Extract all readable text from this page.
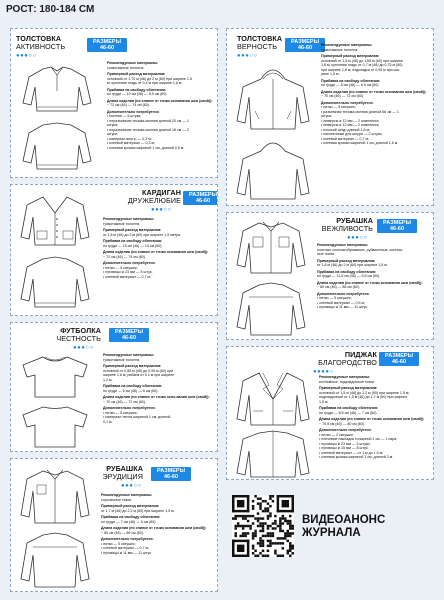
РОСТ: 180-184 СМ
ТОЛСТОВКА
АКТИВНОСТЬ
●●●○○
РАЗМЕРЫ 46-60
Рекомендуемые материалы:
трикотажные полотна.
Примерный расход материалов:
основной от 1,70 м (46) до 2 м (60) при ширине 1,5
м; купонная гладь от 0,4 м при ширине 1,8 м.
Прибавка на свободу облегания:
по груди — 10 см (46) — 8,5 см (60).
Длина изделия (по спинке от точки основания шеи (свой)):
~ 72 см (46) — 74 см (60).
Дополнительно потребуется:
• молнии — 5 штуки;
• неразъемная тесьма-молния длиной 20 см — 1
штука;
• неразъемная тесьма-молния длиной 16 см — 2
штуки;
• материал внутр. — 0,3 м;
• клеевой материал — 0,3 м;
• клеевая кромка шириной 1 см, длиной 0,8 м.
ТОЛСТОВКА
ВЕРНОСТЬ
●●●○○
РАЗМЕРЫ 46-60	Рекомендуемые материалы:
трикотажные полотна.
Примерный расход материалов:
основной от 1,5 м (46) до 1,65 м (60) при ширине
1,8 м; купонная гладь от 0,7 м (46) до 0,75 м (60)
при ширине 1,8 м; подкладка от 0,55 м при ши-
рине 1,5 м.
Прибавка на свободу облегания:
по груди — 8 см (46) — 6,5 см (60).
Длина изделия (по спинке от точки основания шеи (свой)):
~ 70 см (46) — 72 см (60).
Дополнительно потребуется:
• нитки — 5 катушек;
• разъемная тесьма-молния длиной 66 см — 1
штука;
• люверсы ø 12 мм — 2 комплекта;
• люверсы ø 12 мм — 2 комплекта;
• плоский шнур длиной 1,6 м;
• наконечники для шнура — 2 штуки;
• клеевой материал — 0,7 м;
• клеевая кромка шириной 1 см, длиной 1,6 м.
КАРДИГАН
ДРУЖЕЛЮБИЕ
●●●○○
РАЗМЕРЫ 46-60
Рекомендуемые материалы:
трикотажные полотна.
Примерный расход материалов:
от 1,8 м (46) до 2 м (60) при ширине 1,5 метра.
Прибавка на свободу облегания:
по груди — 15 см (46) — 13 см (60).
Длина изделия (по спинке от точки основания шеи (свой)):
~ 72 см (46) — 74 см (60).
Дополнительно потребуется:
• нитки — 5 катушек;
• пуговицы ø 23 мм — 5 штук;
• клеевой материал — 0,7 м.
РУБАШКА
ВЕЖЛИВОСТЬ
●●●○○
РАЗМЕРЫ 46-60
Рекомендуемые материалы:
плотные хлопчатобумажные, рубашечные, костюм-
ные ткани.
Примерный расход материалов:
от 1,6 м (46) до 2 м (60) при ширине 1,5 м.
Прибавка на свободу облегания:
по груди — 11,5 см (46) — 9,5 см (60).
Длина изделия (по спинке от точки основания шеи (свой)):
~ 80 см (46) — 88 см (60).
Дополнительно потребуется:
• нитки — 5 катушек;
• клеевой материал — 0,5 м;
• пуговицы ø 11 мм — 11 штук.
ФУТБОЛКА
ЧЕСТНОСТЬ
●●●○○
РАЗМЕРЫ 46-60
Рекомендуемые материалы:
трикотажные полотна.
Примерный расход материалов:
основной от 0,85 м (46) до 0,95 м (60) при
ширине 1,8 м; рибана от 0,1 м при ширине
1,2 м.
Прибавка на свободу облегания:
по груди — 6 см (46) — 5 см (60).
Длина изделия (по спинке от точки осно-вания шеи (свой)):
~ 70 см (46) — 72 см (60).
Дополнительно потребуется:
• нитки — 5 катушек;
• материал лента шириной 1 см, длиной
0,1 м.
ПИДЖАК
БЛАГОРОДСТВО
●●●●○
РАЗМЕРЫ 46-60
Рекомендуемые материалы:
костюмные, подкладочные ткани.
Примерный расход материалов:
основной от 1,5 м (46) до 2,2 м (60) при ширине 1,5 м;
подкладочный от 1,5 м (46) до 1,7 м (60) при ширине
1,5 м.
Прибавка на свободу облегания:
по груди — 8,5 см (46) — 7 см (60).
Длина изделия (по спинке от точки основания шеи (свой)):
~ 75,5 см (46) — 80 см (60).
Дополнительно потребуется:
• нитки — 2 катушки;
• плечевые накладки толщиной 1 см — 1 пара;
• пуговицы ø 23 мм — 3 штуки;
• пуговицы ø 15 мм — 8 штук;
• клеевой материал — от 1 м до 1,5 м;
• клеевая кромка шириной 1 см, длиной 3 м.
РУБАШКА
ЭРУДИЦИЯ
●●●○○
РАЗМЕРЫ 46-60
Рекомендуемые материалы:
сорочечные ткани.
Примерный расход материалов:
от 1,7 м (46) до 2,2 м (60) при ширине 1,5 м.
Прибавка на свободу облегания:
по груди — 7 см (46) — 5 см (60).
Длина изделия (по спинке от точки основания шеи (свой)):
~ 80 см (46) — 86 см (60).
Дополнительно потребуется:
• нитки — 5 катушек;
• клеевой материал — 0,7 м;
• пуговицы ø 11 мм — 11 штук.
ВИДЕОАНОНС
ЖУРНАЛА
